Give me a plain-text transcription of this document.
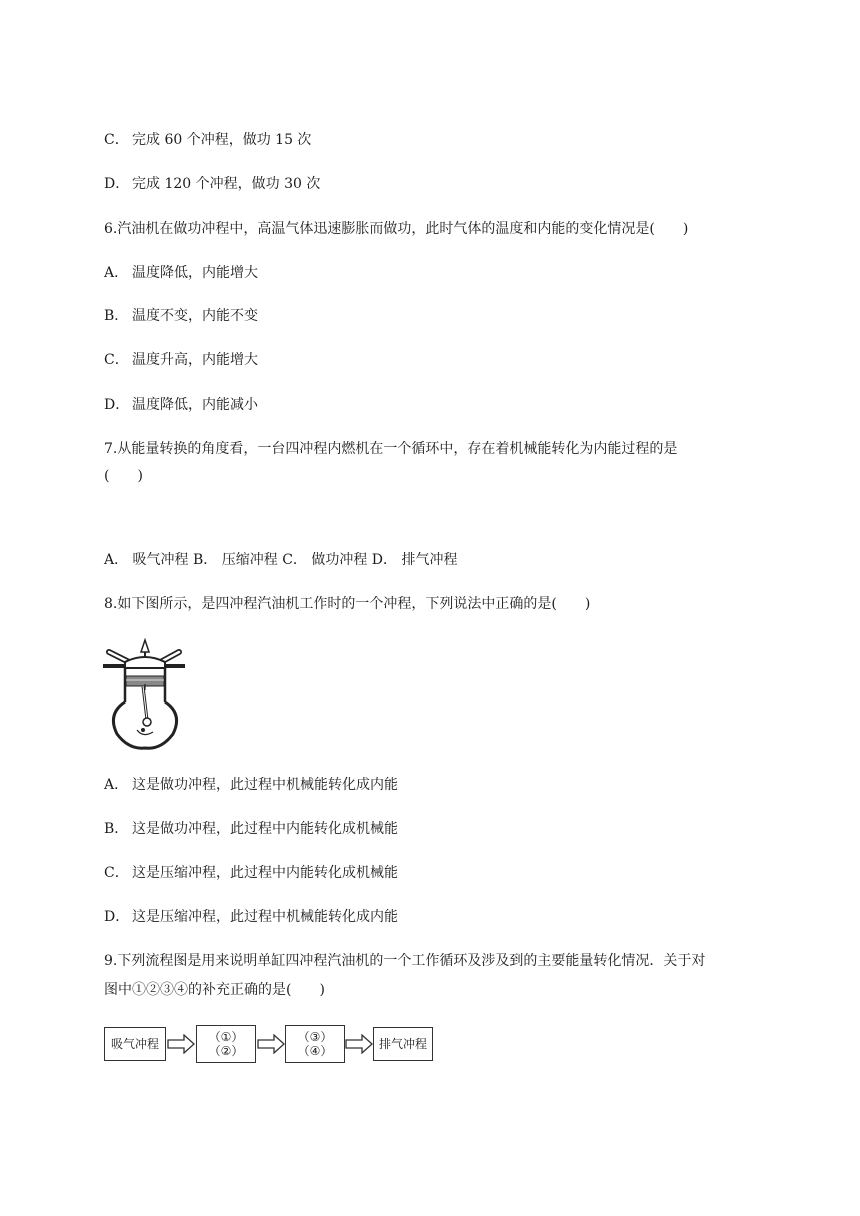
C． 完成 60 个冲程，做功 15 次
D． 完成 120 个冲程，做功 30 次
6.汽油机在做功冲程中，高温气体迅速膨胀而做功，此时气体的温度和内能的变化情况是(　　)
A． 温度降低，内能增大
B． 温度不变，内能不变
C． 温度升高，内能增大
D． 温度降低，内能减小
7.从能量转换的角度看，一台四冲程内燃机在一个循环中，存在着机械能转化为内能过程的是
(　　)
A． 吸气冲程 B． 压缩冲程 C． 做功冲程 D． 排气冲程
8.如下图所示，是四冲程汽油机工作时的一个冲程，下列说法中正确的是(　　)
A． 这是做功冲程，此过程中机械能转化成内能
B． 这是做功冲程，此过程中内能转化成机械能
C． 这是压缩冲程，此过程中内能转化成机械能
D． 这是压缩冲程，此过程中机械能转化成内能
9.下列流程图是用来说明单缸四冲程汽油机的一个工作循环及涉及到的主要能量转化情况．关于对
图中①②③④的补充正确的是(　　)
吸气冲程	（①）
（②）
（③）
（④）	排气冲程
